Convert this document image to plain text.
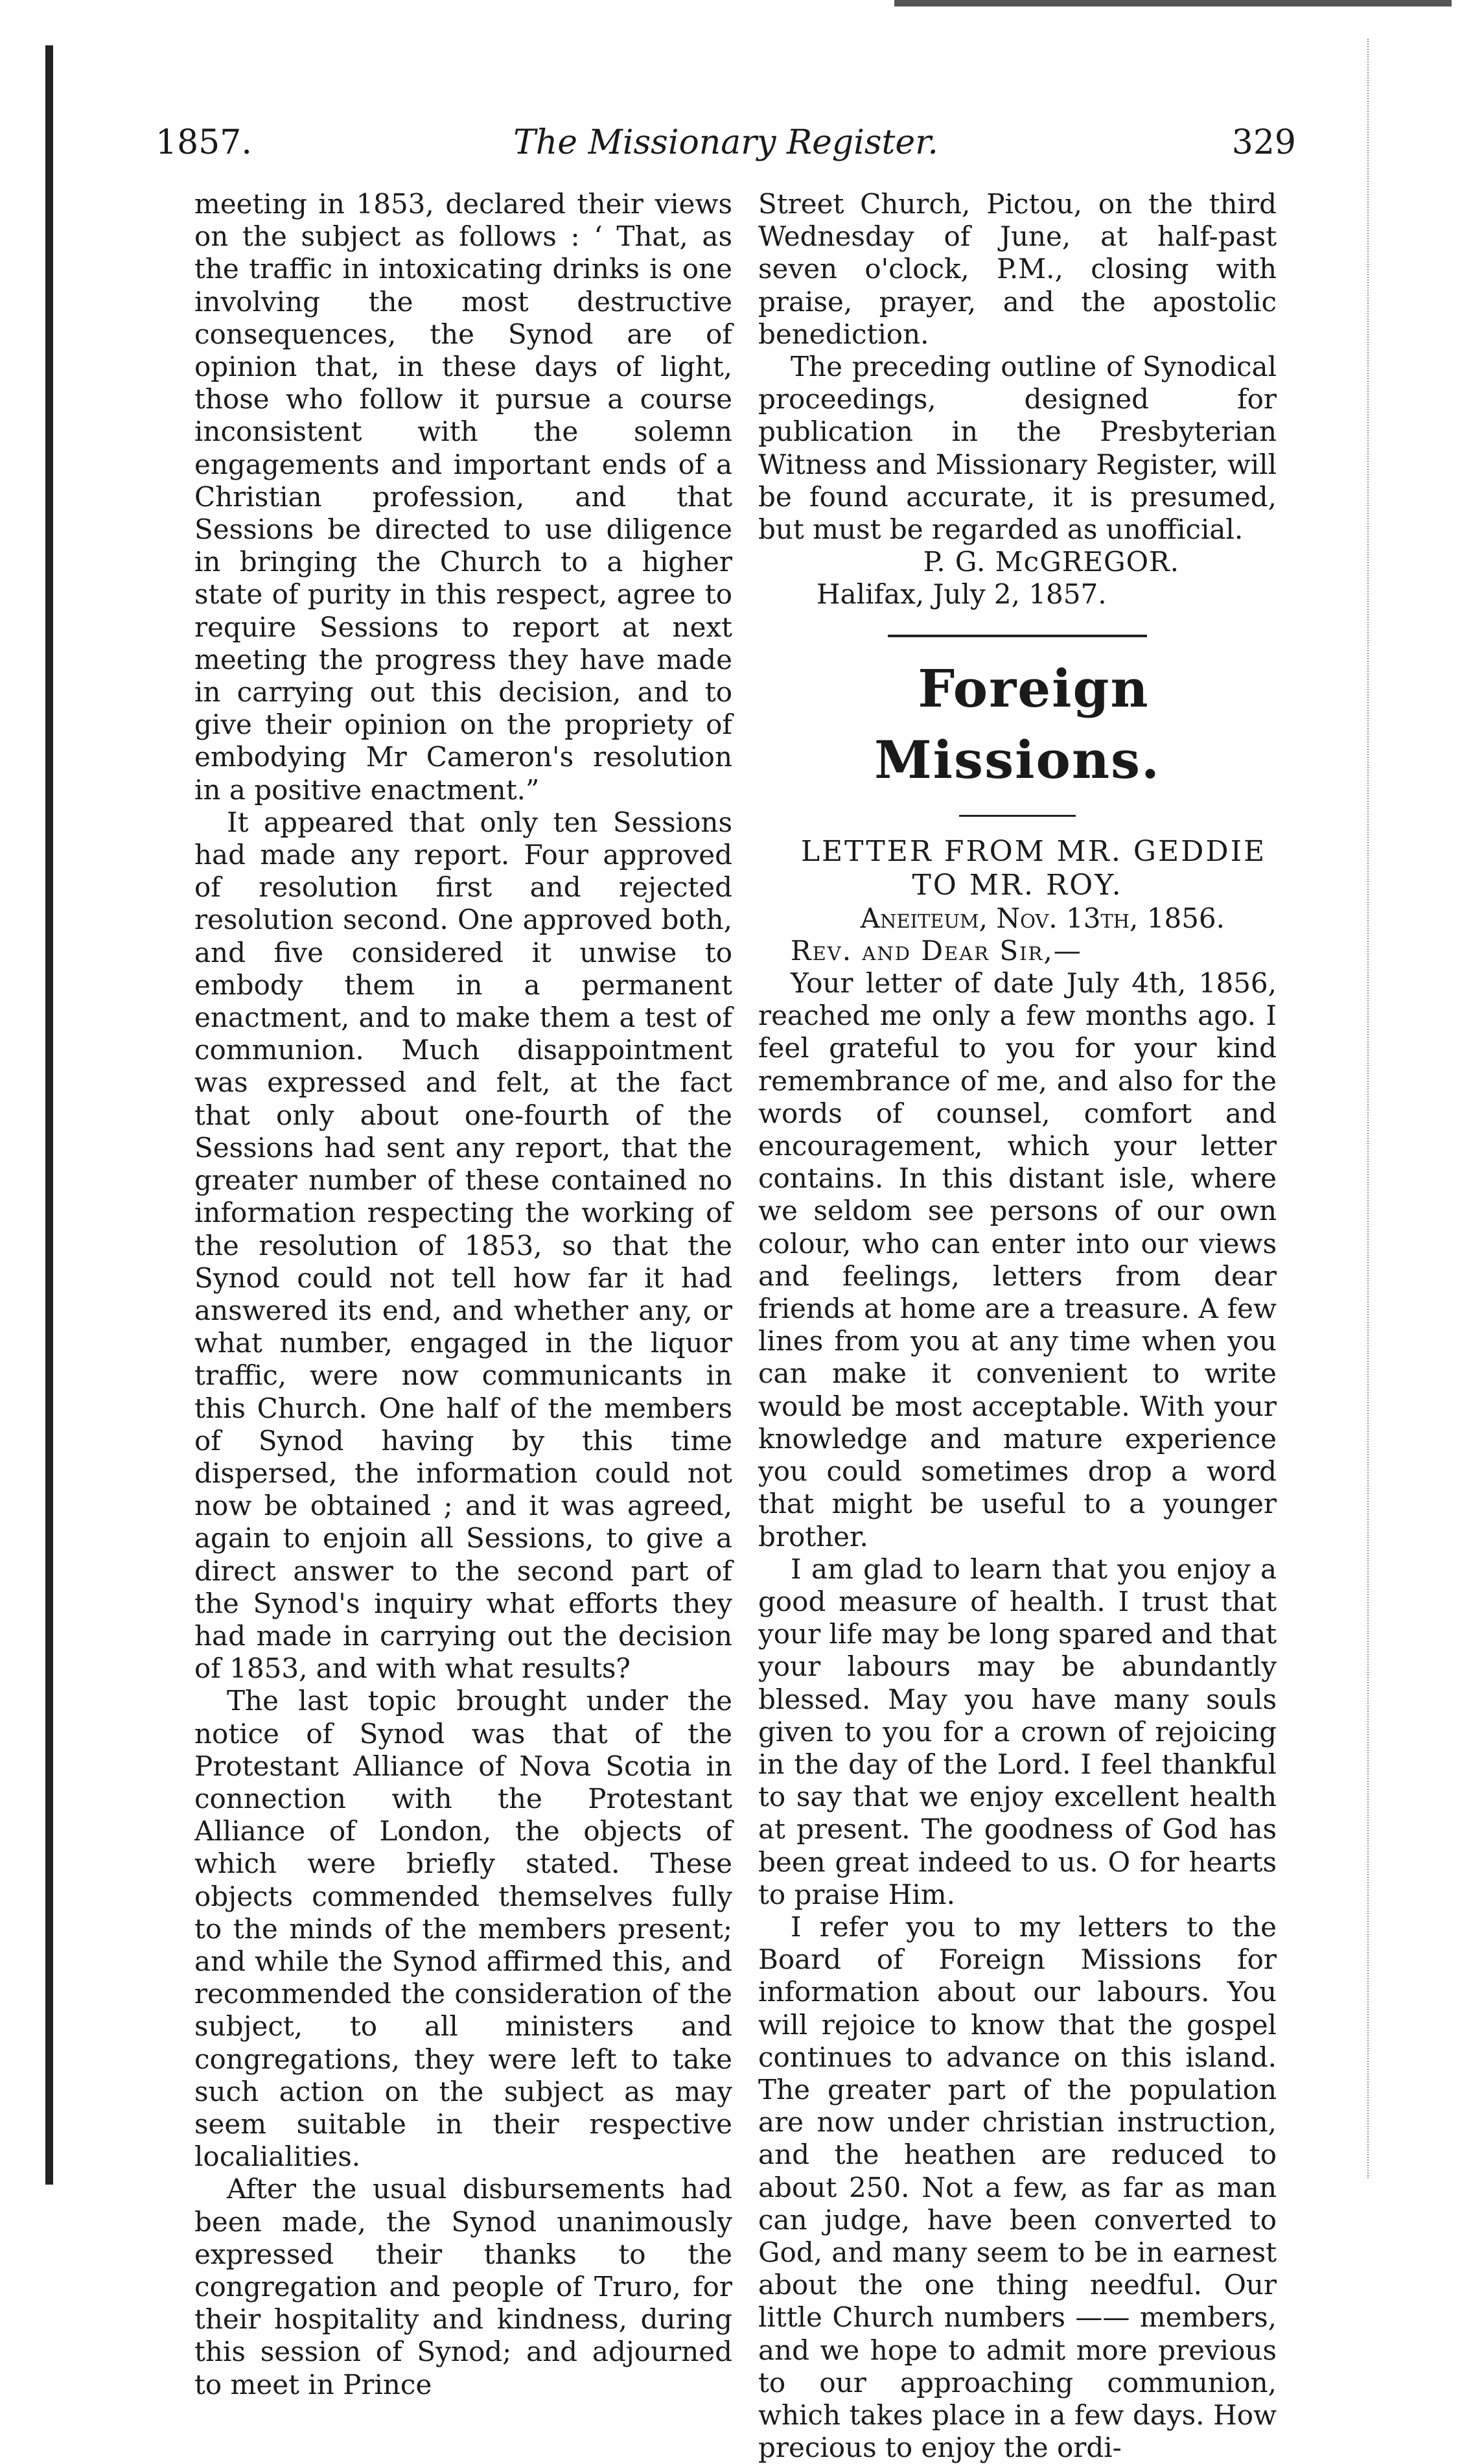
1857.	The Missionary Register.	329

meeting in 1853, declared their views on the subject as follows : ‘ That, as the traffic in intoxicating drinks is one involving the most destructive consequences, the Synod are of opinion that, in these days of light, those who follow it pursue a course inconsistent with the solemn engagements and important ends of a Christian profession, and that Sessions be directed to use diligence in bringing the Church to a higher state of purity in this respect, agree to require Sessions to report at next meeting the progress they have made in carrying out this decision, and to give their opinion on the propriety of embodying Mr Cameron's resolution in a positive enactment.”

It appeared that only ten Sessions had made any report. Four approved of resolution first and rejected resolution second. One approved both, and five considered it unwise to embody them in a permanent enactment, and to make them a test of communion. Much disappointment was expressed and felt, at the fact that only about one-fourth of the Sessions had sent any report, that the greater number of these contained no information respecting the working of the resolution of 1853, so that the Synod could not tell how far it had answered its end, and whether any, or what number, engaged in the liquor traffic, were now communicants in this Church. One half of the members of Synod having by this time dispersed, the information could not now be obtained ; and it was agreed, again to enjoin all Sessions, to give a direct answer to the second part of the Synod's inquiry what efforts they had made in carrying out the decision of 1853, and with what results?

The last topic brought under the notice of Synod was that of the Protestant Alliance of Nova Scotia in connection with the Protestant Alliance of London, the objects of which were briefly stated. These objects commended themselves fully to the minds of the members present; and while the Synod affirmed this, and recommended the consideration of the subject, to all ministers and congregations, they were left to take such action on the subject as may seem suitable in their respective localialities.

After the usual disbursements had been made, the Synod unanimously expressed their thanks to the congregation and people of Truro, for their hospitality and kindness, during this session of Synod; and adjourned to meet in Prince

Street Church, Pictou, on the third Wednesday of June, at half-past seven o'clock, P.M., closing with praise, prayer, and the apostolic benediction.

The preceding outline of Synodical proceedings, designed for publication in the Presbyterian Witness and Missionary Register, will be found accurate, it is presumed, but must be regarded as unofficial.

P. G. McGREGOR.

Halifax, July 2, 1857.

Foreign Missions.

LETTER FROM MR. GEDDIE TO MR. ROY.

Aneiteum, Nov. 13th, 1856.

Rev. and Dear Sir,—

Your letter of date July 4th, 1856, reached me only a few months ago. I feel grateful to you for your kind remembrance of me, and also for the words of counsel, comfort and encouragement, which your letter contains. In this distant isle, where we seldom see persons of our own colour, who can enter into our views and feelings, letters from dear friends at home are a treasure. A few lines from you at any time when you can make it convenient to write would be most acceptable. With your knowledge and mature experience you could sometimes drop a word that might be useful to a younger brother.

I am glad to learn that you enjoy a good measure of health. I trust that your life may be long spared and that your labours may be abundantly blessed. May you have many souls given to you for a crown of rejoicing in the day of the Lord. I feel thankful to say that we enjoy excellent health at present. The goodness of God has been great indeed to us. O for hearts to praise Him.

I refer you to my letters to the Board of Foreign Missions for information about our labours. You will rejoice to know that the gospel continues to advance on this island. The greater part of the population are now under christian instruction, and the heathen are reduced to about 250. Not a few, as far as man can judge, have been converted to God, and many seem to be in earnest about the one thing needful. Our little Church numbers —— members, and we hope to admit more previous to our approaching communion, which takes place in a few days. How precious to enjoy the ordi-
